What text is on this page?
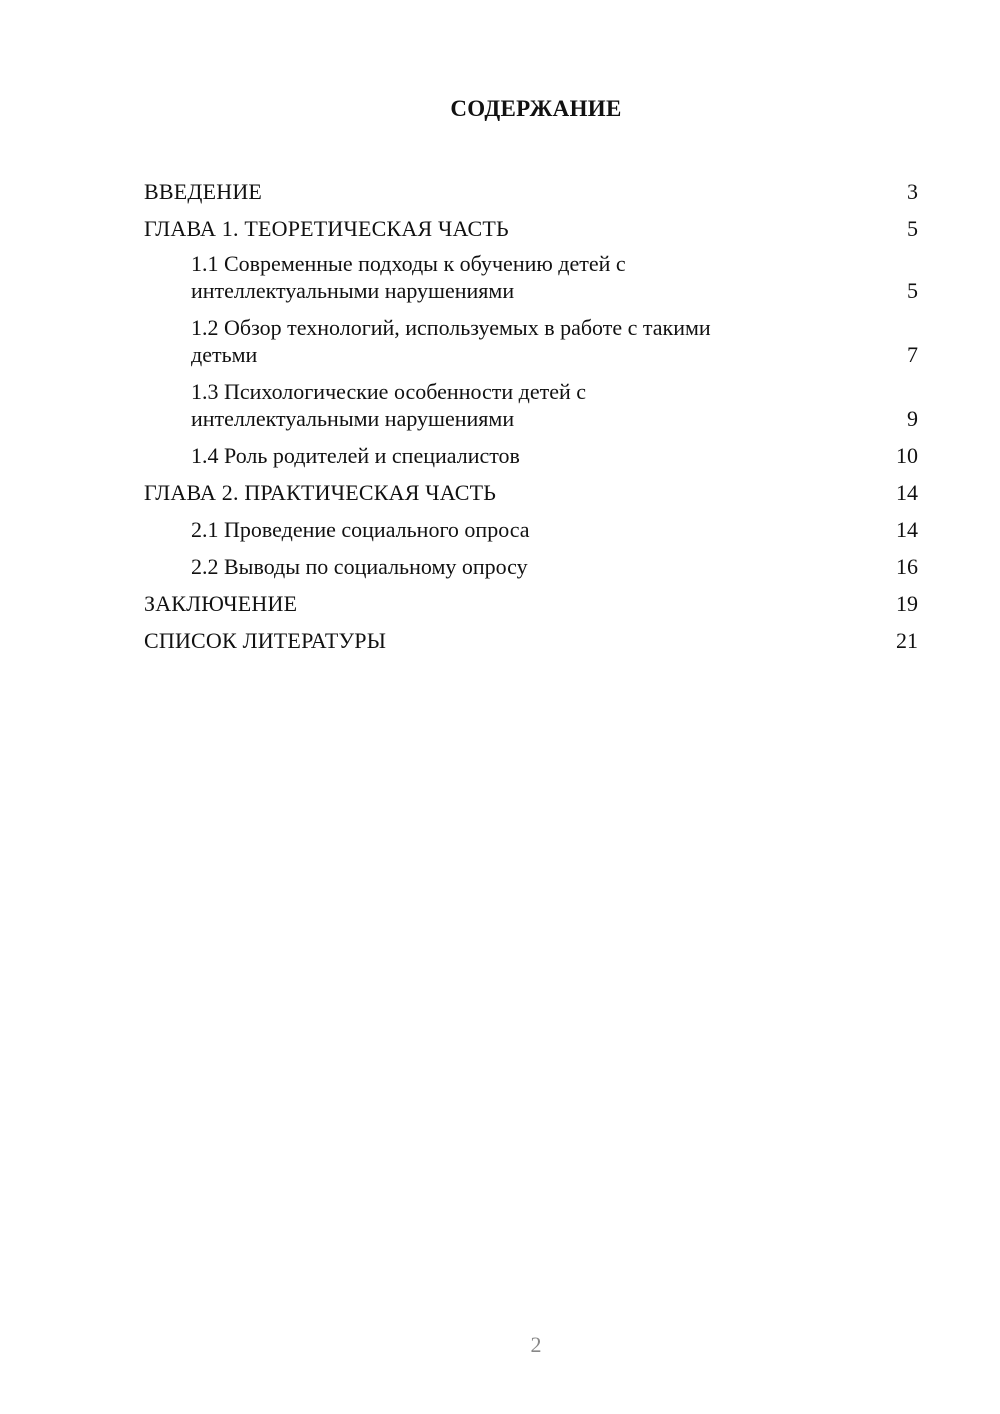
СОДЕРЖАНИЕ
ВВЕДЕНИЕ	3
ГЛАВА 1. ТЕОРЕТИЧЕСКАЯ ЧАСТЬ	5
1.1 Современные подходы к обучению детей с
интеллектуальными нарушениями	5
1.2 Обзор технологий, используемых в работе с такими
детьми	7
1.3 Психологические особенности детей с
интеллектуальными нарушениями	9
1.4 Роль родителей и специалистов	10
ГЛАВА 2. ПРАКТИЧЕСКАЯ ЧАСТЬ	14
2.1 Проведение социального опроса	14
2.2 Выводы по социальному опросу	16
ЗАКЛЮЧЕНИЕ	19
СПИСОК ЛИТЕРАТУРЫ	21
2
